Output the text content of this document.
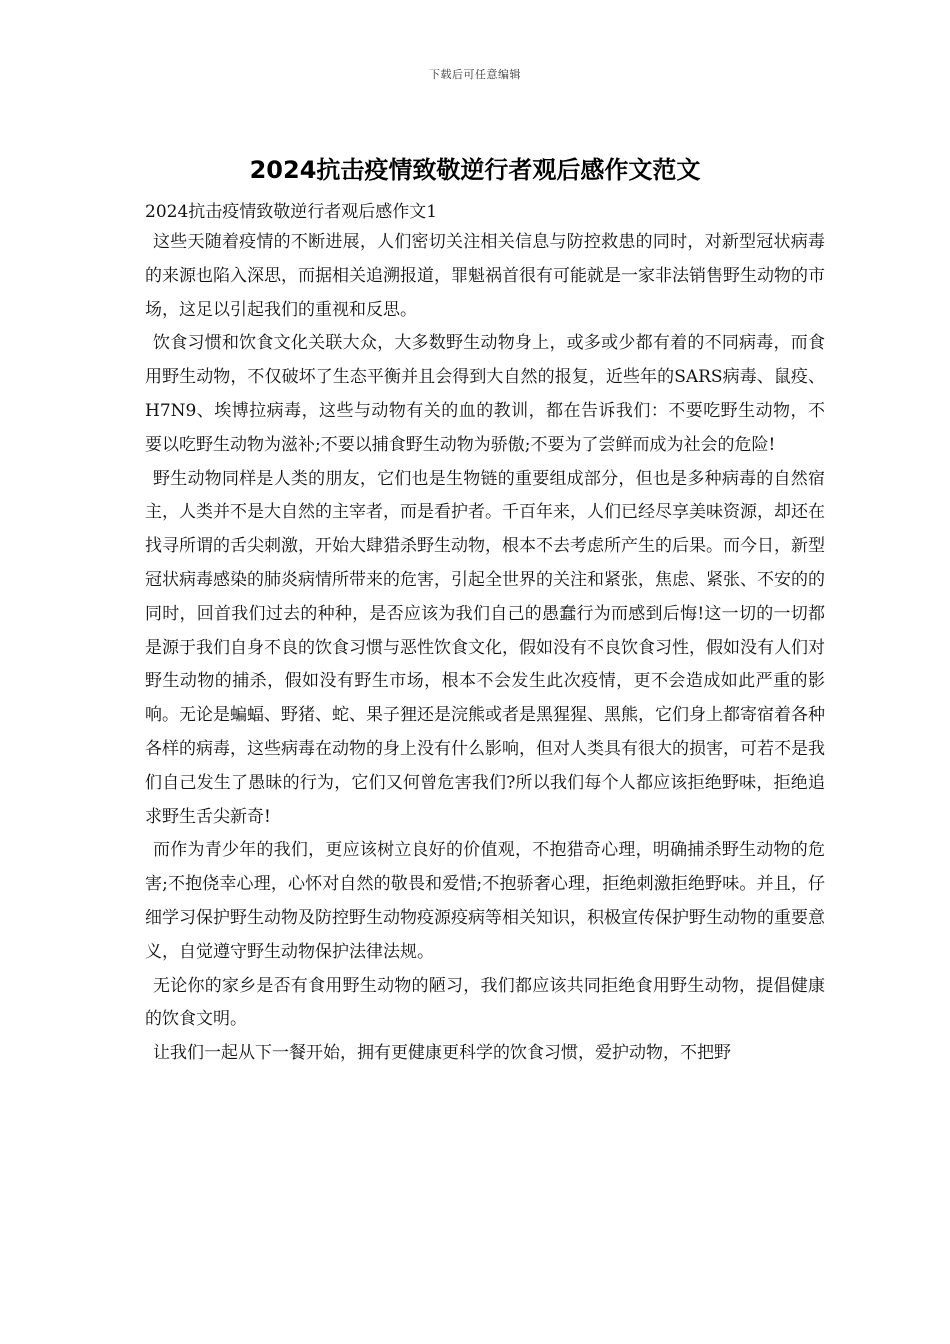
下载后可任意编辑
2024抗击疫情致敬逆行者观后感作文范文
2024抗击疫情致敬逆行者观后感作文1

这些天随着疫情的不断进展，人们密切关注相关信息与防控救患的同时，对新型冠状病毒的来源也陷入深思，而据相关追溯报道，罪魁祸首很有可能就是一家非法销售野生动物的市场，这足以引起我们的重视和反思。

饮食习惯和饮食文化关联大众，大多数野生动物身上，或多或少都有着的不同病毒，而食用野生动物，不仅破坏了生态平衡并且会得到大自然的报复，近些年的SARS病毒、鼠疫、H7N9、埃博拉病毒，这些与动物有关的血的教训，都在告诉我们：不要吃野生动物，不要以吃野生动物为滋补;不要以捕食野生动物为骄傲;不要为了尝鲜而成为社会的危险!

野生动物同样是人类的朋友，它们也是生物链的重要组成部分，但也是多种病毒的自然宿主，人类并不是大自然的主宰者，而是看护者。千百年来，人们已经尽享美味资源，却还在找寻所谓的舌尖刺激，开始大肆猎杀野生动物，根本不去考虑所产生的后果。而今日，新型冠状病毒感染的肺炎病情所带来的危害，引起全世界的关注和紧张，焦虑、紧张、不安的的同时，回首我们过去的种种，是否应该为我们自己的愚蠢行为而感到后悔!这一切的一切都是源于我们自身不良的饮食习惯与恶性饮食文化，假如没有不良饮食习性，假如没有人们对野生动物的捕杀，假如没有野生市场，根本不会发生此次疫情，更不会造成如此严重的影响。无论是蝙蝠、野猪、蛇、果子狸还是浣熊或者是黑猩猩、黑熊，它们身上都寄宿着各种各样的病毒，这些病毒在动物的身上没有什么影响，但对人类具有很大的损害，可若不是我们自己发生了愚昧的行为，它们又何曾危害我们?所以我们每个人都应该拒绝野味，拒绝追求野生舌尖新奇!

而作为青少年的我们，更应该树立良好的价值观，不抱猎奇心理，明确捕杀野生动物的危害;不抱侥幸心理，心怀对自然的敬畏和爱惜;不抱骄奢心理，拒绝刺激拒绝野味。并且，仔细学习保护野生动物及防控野生动物疫源疫病等相关知识，积极宣传保护野生动物的重要意义，自觉遵守野生动物保护法律法规。

无论你的家乡是否有食用野生动物的陋习，我们都应该共同拒绝食用野生动物，提倡健康的饮食文明。

让我们一起从下一餐开始，拥有更健康更科学的饮食习惯，爱护动物，不把野
